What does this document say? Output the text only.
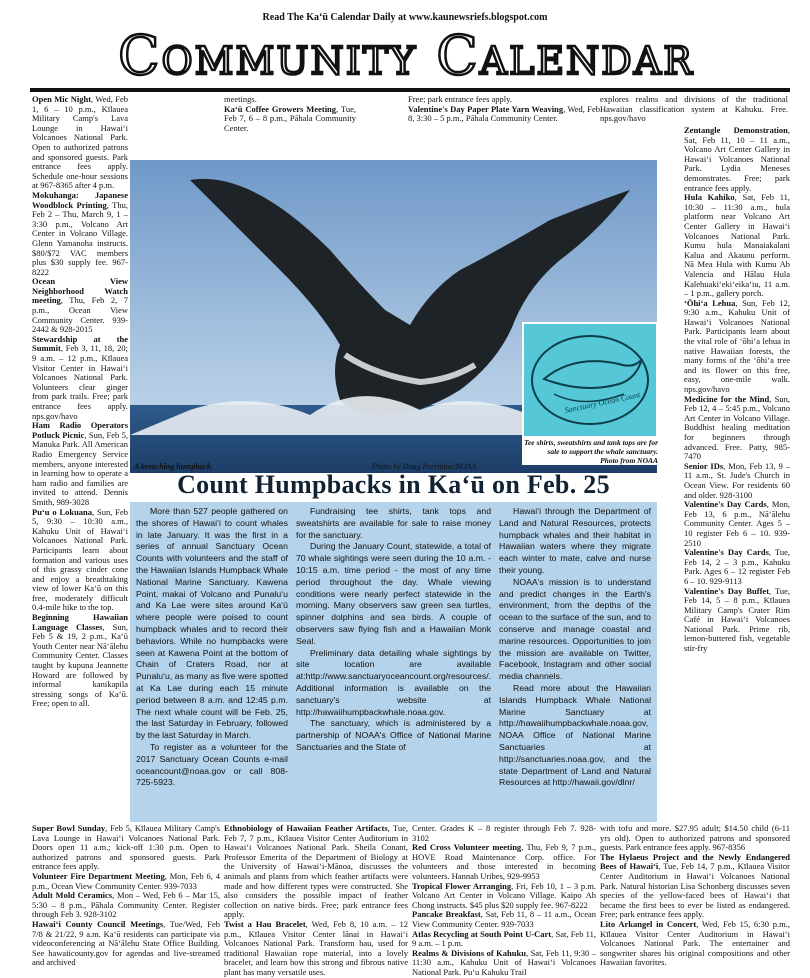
Read The Ka‘ū Calendar Daily at www.kaunewsriefs.blogspot.com
Community Calendar

Open Mic Night, Wed, Feb 1, 6 – 10 p.m., Kīlauea Military Camp's Lava Lounge in Hawai‘i Volcanoes National Park. Open to authorized patrons and sponsored guests. Park entrance fees apply. Schedule one-hour sessions at 967-8365 after 4 p.m.

Mokuhanga: Japanese Woodblock Printing, Thu, Feb 2 – Thu, March 9, 1 – 3:30 p.m., Volcano Art Center in Volcano Village. Glenn Yamanoha instructs. $80/$72 VAC members plus $30 supply fee. 967-8222

Ocean View Neighborhood Watch meeting, Thu, Feb 2, 7 p.m., Ocean View Community Center. 939-2442 & 928-2015

Stewardship at the Summit, Feb 3, 11, 18, 20; 9 a.m. – 12 p.m., Kīlauea Visitor Center in Hawai‘i Volcanoes National Park. Volunteers clear ginger from park trails. Free; park entrance fees apply. nps.gov/havo

Ham Radio Operators Potluck Picnic, Sun, Feb 5, Manuka Park. All American Radio Emergency Service members, anyone interested in learning how to operate a ham radio and families are invited to attend. Dennis Smith, 989-3028

Pu‘u o Lokuana, Sun, Feb 5, 9:30 – 10:30 a.m., Kahuku Unit of Hawai‘i Volcanoes National Park. Participants learn about formation and various uses of this grassy cinder cone and enjoy a breathtaking view of lower Ka‘ū on this free, moderately difficult 0.4-mile hike to the top.

Beginning Hawaiian Language Classes, Sun, Feb 5 & 19, 2 p.m., Ka‘ū Youth Center near Nā‘ālehu Community Center. Classes taught by kupuna Jeannette Howard are followed by informal kanikapila stressing songs of Ka‘ū. Free; open to all.

meetings.

Ka‘ū Coffee Growers Meeting, Tue, Feb 7, 6 – 8 p.m., Pāhala Community Center.

Free; park entrance fees apply.

Valentine's Day Paper Plate Yarn Weaving, Wed, Feb 8, 3:30 – 5 p.m., Pāhala Community Center.

explores realms and divisions of the traditional Hawaiian classification system at Kahuku. Free. nps.gov/havo

Zentangle Demonstration, Sat, Feb 11, 10 – 11 a.m., Volcano Art Center Gallery in Hawai‘i Volcanoes National Park. Lydia Meneses demonstrates. Free; park entrance fees apply.

Hula Kahiko, Sat, Feb 11, 10:30 – 11:30 a.m., hula platform near Volcano Art Center Gallery in Hawai‘i Volcanoes National Park. Kumu hula Manaiakalani Kalua and Akaunu perform. Nā Mea Hula with Kumu Ab Valencia and Hālau Hula Kalehuaki‘eki‘eika‘iu, 11 a.m. – 1 p.m., gallery porch.

‘Ōhi‘a Lehua, Sun, Feb 12, 9:30 a.m., Kahuku Unit of Hawai‘i Volcanoes National Park. Participants learn about the vital role of ‘ōhi‘a lehua in native Hawaiian forests, the many forms of the ‘ōhi‘a tree and its flower on this free, easy, one-mile walk. nps.gov/havo

Medicine for the Mind, Sun, Feb 12, 4 – 5:45 p.m., Volcano Art Center in Volcano Village. Buddhist healing meditation for beginners through advanced. Free. Patty, 985-7470

Senior IDs, Mon, Feb 13, 9 – 11 a.m., St. Jude's Church in Ocean View. For residents 60 and older. 928-3100

Valentine's Day Cards, Mon, Feb 13, 6 p.m., Nā‘ālehu Community Center. Ages 5 – 10 register Feb 6 – 10. 939-2510

Valentine's Day Cards, Tue, Feb 14, 2 – 3 p.m., Kahuku Park. Ages 6 – 12 register Feb 6 – 10. 929-9113

Valentine's Day Buffet, Tue, Feb 14, 5 – 8 p.m., Kīlauea Military Camp's Crater Rim Café in Hawai‘i Volcanoes National Park. Prime rib, lemon-buttered fish, vegetable stir-fry

A breaching humpback.	Photo by Doug Perrinine/NOAA
Sanctuary Ocean Count
Tee shirts, sweatshirts and tank tops are for sale to support the whale sanctuary.
Photo from NOAA
Count Humpbacks in Ka‘ū on Feb. 25

More than 527 people gathered on the shores of Hawai‘i to count whales in late January. It was the first in a series of annual Sanctuary Ocean Counts with volunteers and the staff of the Hawaiian Islands Humpback Whale National Marine Sanctuary. Kawena Point, makai of Volcano and Punalu‘u and Ka Lae were sites around Ka‘ū where people were poised to count humpback whales and to record their behaviors. While no humpbacks were seen at Kawena Point at the bottom of Chain of Craters Road, nor at Punalu‘u, as many as five were spotted at Ka Lae during each 15 minute period between 8 a.m. and 12:45 p.m. The next whale count will be Feb. 25, the last Saturday in February, followed by the last Saturday in March.

To register as a volunteer for the 2017 Sanctuary Ocean Counts e-mail oceancount@noaa.gov or call 808-725-5923.

Fundraising tee shirts, tank tops and sweatshirts are available for sale to raise money for the sanctuary.

During the January Count, statewide, a total of 70 whale sightings were seen during the 10 a.m. - 10:15 a.m. time period - the most of any time period throughout the day. Whale viewing conditions were nearly perfect statewide in the morning. Many observers saw green sea turtles, spinner dolphins and sea birds. A couple of observers saw flying fish and a Hawaiian Monk Seal.

Preliminary data detailing whale sightings by site location are available at:http://www.sanctuaryoceancount.org/resources/. Additional information is available on the sanctuary's website at http://hawaiihumpbackwhale.noaa.gov.

The sanctuary, which is administered by a partnership of NOAA's Office of National Marine Sanctuaries and the State of

Hawai‘i through the Department of Land and Natural Resources, protects humpback whales and their habitat in Hawaiian waters where they migrate each winter to mate, calve and nurse their young.

NOAA's mission is to understand and predict changes in the Earth's environment, from the depths of the ocean to the surface of the sun, and to conserve and manage coastal and marine resources. Opportunities to join the mission are available on Twitter, Facebook, Instagram and other social media channels.

Read more about the Hawaiian Islands Humpback Whale National Marine Sanctuary at http://hawaiihumpbackwhale.noaa.gov, NOAA Office of National Marine Sanctuaries at http://sanctuaries.noaa.gov, and the state Department of Land and Natural Resources at http://hawaii.gov/dlnr/

Super Bowl Sunday, Feb 5, Kīlauea Military Camp's Lava Lounge in Hawai‘i Volcanoes National Park. Doors open 11 a.m.; kick-off 1:30 p.m. Open to authorized patrons and sponsored guests. Park entrance fees apply.

Volunteer Fire Department Meeting, Mon, Feb 6, 4 p.m., Ocean View Community Center. 939-7033

Adult Mold Ceramics, Mon – Wed, Feb 6 – Mar 15, 5:30 – 8 p.m., Pāhala Community Center. Register through Feb 3. 928-3102

Hawai‘i County Council Meetings, Tue/Wed, Feb 7/8 & 21/22, 9 a.m. Ka‘ū residents can participate via videoconferencing at Nā‘ālehu State Office Building. See hawaiicounty.gov for agendas and live-streamed and archived

Ethnobiology of Hawaiian Feather Artifacts, Tue, Feb 7, 7 p.m., Kīlauea Visitor Center Auditorium in Hawai‘i Volcanoes National Park. Sheila Conant, Professor Emerita of the Department of Biology at the University of Hawai‘i-Mānoa, discusses the animals and plants from which feather artifacts were made and how different types were constructed. She also considers the possible impact of feather collection on native birds. Free; park entrance fees apply.

Twist a Hau Bracelet, Wed, Feb 8, 10 a.m. – 12 p.m., Kīlauea Visitor Center lānai in Hawai‘i Volcanoes National Park. Transform hau, used for traditional Hawaiian rope material, into a lovely bracelet, and learn how this strong and fibrous native plant has many versatile uses.

Center. Grades K – 8 register through Feb 7. 928-3102

Red Cross Volunteer meeting, Thu, Feb 9, 7 p.m., HOVE Road Maintenance Corp. office. For volunteers and those interested in becoming volunteers. Hannah Uribes, 929-9953

Tropical Flower Arranging, Fri, Feb 10, 1 – 3 p.m. Volcano Art Center in Volcano Village. Kaipo Ah Chong instructs. $45 plus $20 supply fee. 967-8222

Pancake Breakfast, Sat, Feb 11, 8 – 11 a.m., Ocean View Community Center. 939-7033

Atlas Recycling at South Point U-Cart, Sat, Feb 11, 9 a.m. – 1 p.m.

Realms & Divisions of Kahuku, Sat, Feb 11, 9:30 – 11:30 a.m., Kahuku Unit of Hawai‘i Volcanoes National Park. Pu‘u Kahuku Trail

with tofu and more. $27.95 adult; $14.50 child (6-11 yrs old). Open to authorized patrons and sponsored guests. Park entrance fees apply. 967-8356

The Hylaeus Project and the Newly Endangered Bees of Hawai‘i, Tue, Feb 14, 7 p.m., Kīlauea Visitor Center Auditorium in Hawai‘i Volcanoes National Park. Natural historian Lisa Schonberg discusses seven species of the yellow-faced bees of Hawai‘i that became the first bees to ever be listed as endangered. Free; park entrance fees apply.

Lito Arkangel in Concert, Wed, Feb 15, 6:30 p.m., Kīlauea Visitor Center Auditorium in Hawai‘i Volcanoes National Park. The entertainer and songwriter shares his original compositions and other Hawaiian favorites.
